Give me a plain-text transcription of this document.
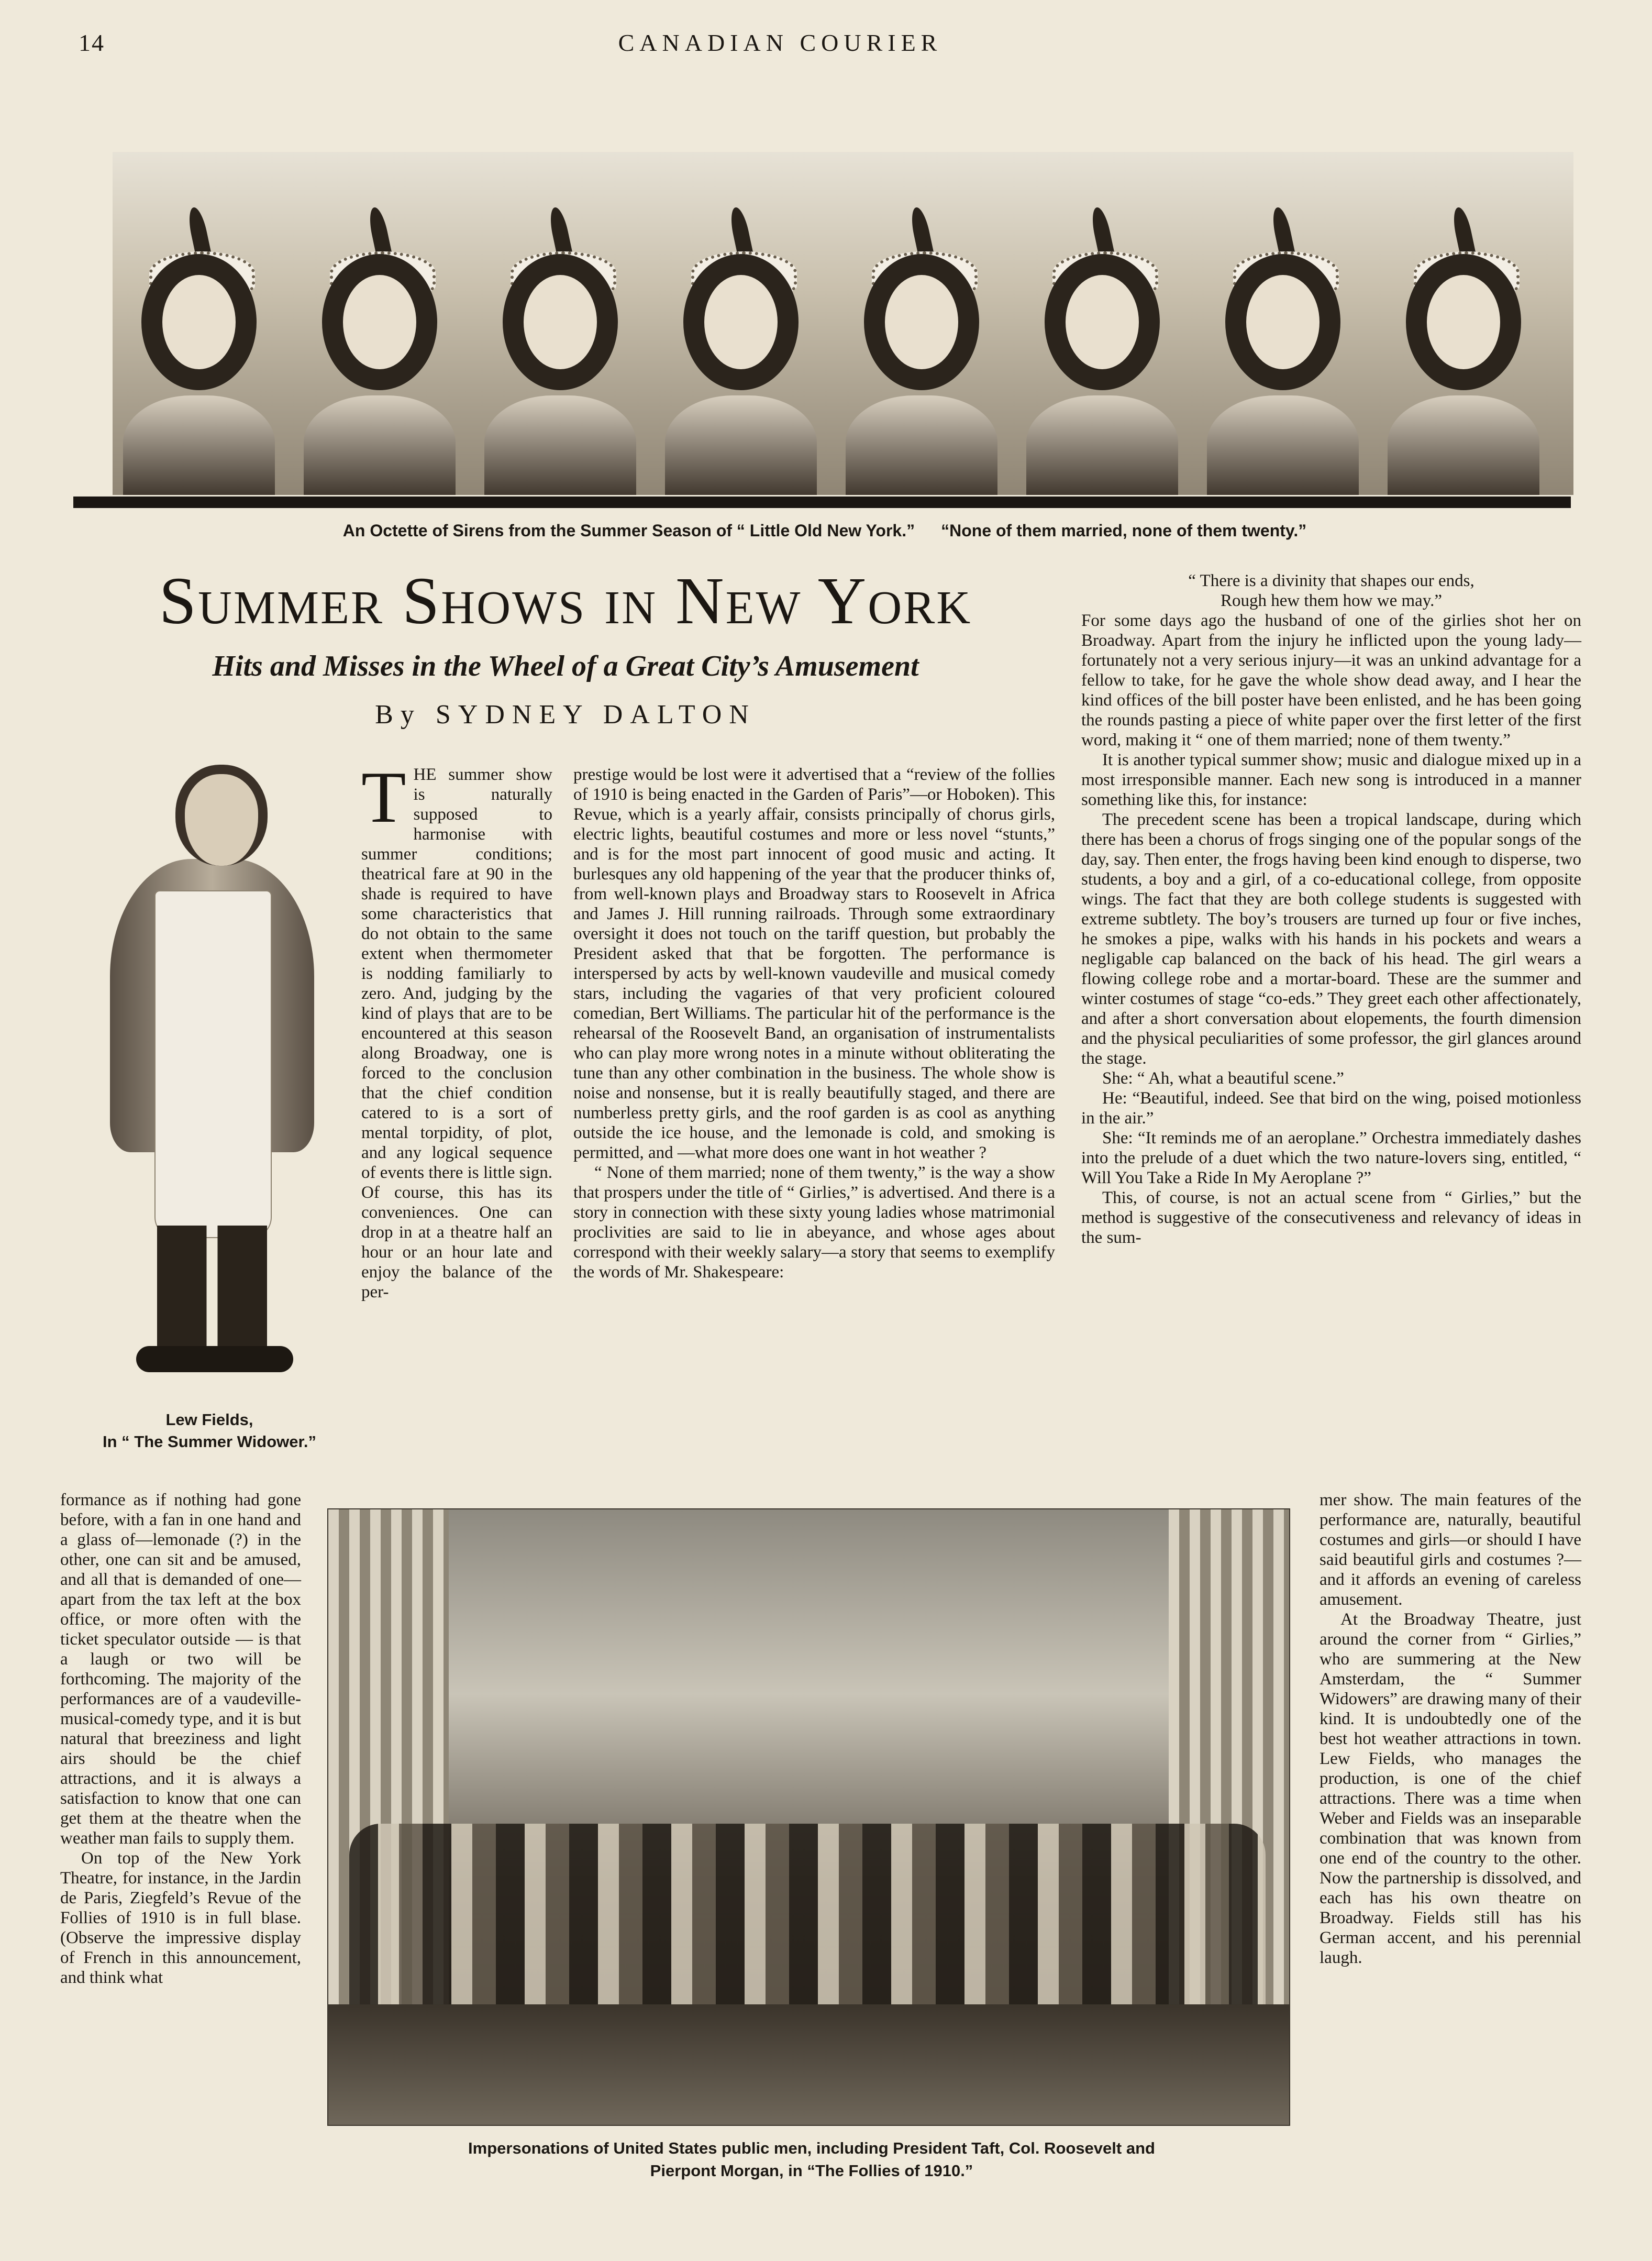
14	CANADIAN COURIER
An Octette of Sirens from the Summer Season of “ Little Old New York.” “None of them married, none of them twenty.”
Summer Shows in New York
Hits and Misses in the Wheel of a Great City’s Amusement
By SYDNEY DALTON
Lew Fields,
In “ The Summer Widower.”

THE summer show is naturally supposed to harmonise with summer conditions; theatrical fare at 90 in the shade is required to have some characteristics that do not obtain to the same extent when thermometer is nodding familiarly to zero. And, judging by the kind of plays that are to be encountered at this season along Broadway, one is forced to the conclusion that the chief condition catered to is a sort of mental torpidity, of plot, and any logical sequence of events there is little sign. Of course, this has its conveniences. One can drop in at a theatre half an hour or an hour late and enjoy the balance of the per-

prestige would be lost were it advertised that a “review of the follies of 1910 is being enacted in the Garden of Paris”—or Hoboken). This Revue, which is a yearly affair, consists principally of chorus girls, electric lights, beautiful costumes and more or less novel “stunts,” and is for the most part innocent of good music and acting. It burlesques any old happening of the year that the producer thinks of, from well-known plays and Broadway stars to Roosevelt in Africa and James J. Hill running railroads. Through some extraordinary oversight it does not touch on the tariff question, but probably the President asked that that be forgotten. The performance is interspersed by acts by well-known vaudeville and musical comedy stars, including the vagaries of that very proficient coloured comedian, Bert Williams. The particular hit of the performance is the rehearsal of the Roosevelt Band, an organisation of instrumentalists who can play more wrong notes in a minute without obliterating the tune than any other combination in the business. The whole show is noise and nonsense, but it is really beautifully staged, and there are numberless pretty girls, and the roof garden is as cool as anything outside the ice house, and the lemonade is cold, and smoking is permitted, and —what more does one want in hot weather ?

“ None of them married; none of them twenty,” is the way a show that prospers under the title of “ Girlies,” is advertised. And there is a story in connection with these sixty young ladies whose matrimonial proclivities are said to lie in abeyance, and whose ages about correspond with their weekly salary—a story that seems to exemplify the words of Mr. Shakespeare:

“ There is a divinity that shapes our ends,

Rough hew them how we may.”

For some days ago the husband of one of the girlies shot her on Broadway. Apart from the injury he inflicted upon the young lady—fortunately not a very serious injury—it was an unkind advantage for a fellow to take, for he gave the whole show dead away, and I hear the kind offices of the bill poster have been enlisted, and he has been going the rounds pasting a piece of white paper over the first letter of the first word, making it “ one of them married; none of them twenty.”

It is another typical summer show; music and dialogue mixed up in a most irresponsible manner. Each new song is introduced in a manner something like this, for instance:

The precedent scene has been a tropical landscape, during which there has been a chorus of frogs singing one of the popular songs of the day, say. Then enter, the frogs having been kind enough to disperse, two students, a boy and a girl, of a co-educational college, from opposite wings. The fact that they are both college students is suggested with extreme subtlety. The boy’s trousers are turned up four or five inches, he smokes a pipe, walks with his hands in his pockets and wears a negligable cap balanced on the back of his head. The girl wears a flowing college robe and a mortar-board. These are the summer and winter costumes of stage “co-eds.” They greet each other affectionately, and after a short conversation about elopements, the fourth dimension and the physical peculiarities of some professor, the girl glances around the stage.

She: “ Ah, what a beautiful scene.”

He: “Beautiful, indeed. See that bird on the wing, poised motionless in the air.”

She: “It reminds me of an aeroplane.” Orchestra immediately dashes into the prelude of a duet which the two nature-lovers sing, entitled, “ Will You Take a Ride In My Aeroplane ?”

This, of course, is not an actual scene from “ Girlies,” but the method is suggestive of the consecutiveness and relevancy of ideas in the sum-

formance as if nothing had gone before, with a fan in one hand and a glass of—lemonade (?) in the other, one can sit and be amused, and all that is demanded of one—apart from the tax left at the box office, or more often with the ticket speculator outside — is that a laugh or two will be forthcoming. The majority of the performances are of a vaudeville-musical-comedy type, and it is but natural that breeziness and light airs should be the chief attractions, and it is always a satisfaction to know that one can get them at the theatre when the weather man fails to supply them.

On top of the New York Theatre, for instance, in the Jardin de Paris, Ziegfeld’s Revue of the Follies of 1910 is in full blase. (Observe the impressive display of French in this announcement, and think what

Impersonations of United States public men, including President Taft, Col. Roosevelt and
Pierpont Morgan, in “The Follies of 1910.”

mer show. The main features of the performance are, naturally, beautiful costumes and girls—or should I have said beautiful girls and costumes ?—and it affords an evening of careless amusement.

At the Broadway Theatre, just around the corner from “ Girlies,” who are summering at the New Amsterdam, the “ Summer Widowers” are drawing many of their kind. It is undoubtedly one of the best hot weather attractions in town. Lew Fields, who manages the production, is one of the chief attractions. There was a time when Weber and Fields was an inseparable combination that was known from one end of the country to the other. Now the partnership is dissolved, and each has his own theatre on Broadway. Fields still has his German accent, and his perennial laugh.
